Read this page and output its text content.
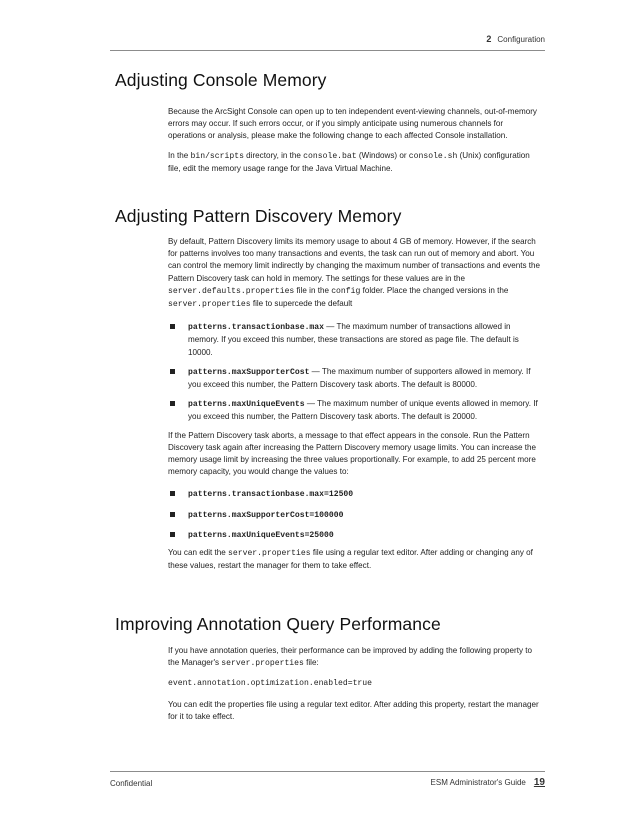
2 Configuration
Adjusting Console Memory

Because the ArcSight Console can open up to ten independent event-viewing channels, out-of-memory errors may occur. If such errors occur, or if you simply anticipate using numerous channels for operations or analysis, please make the following change to each affected Console installation.

In the bin/scripts directory, in the console.bat (Windows) or console.sh (Unix) configuration file, edit the memory usage range for the Java Virtual Machine.

Adjusting Pattern Discovery Memory

By default, Pattern Discovery limits its memory usage to about 4 GB of memory. However, if the search for patterns involves too many transactions and events, the task can run out of memory and abort. You can control the memory limit indirectly by changing the maximum number of transactions and events the Pattern Discovery task can hold in memory. The settings for these values are in the server.defaults.properties file in the config folder. Place the changed versions in the server.properties file to supercede the default

patterns.transactionbase.max — The maximum number of transactions allowed in memory. If you exceed this number, these transactions are stored as page file. The default is 10000.
patterns.maxSupporterCost — The maximum number of supporters allowed in memory. If you exceed this number, the Pattern Discovery task aborts. The default is 80000.
patterns.maxUniqueEvents — The maximum number of unique events allowed in memory. If you exceed this number, the Pattern Discovery task aborts. The default is 20000.

If the Pattern Discovery task aborts, a message to that effect appears in the console. Run the Pattern Discovery task again after increasing the Pattern Discovery memory usage limits. You can increase the memory usage limit by increasing the three values proportionally. For example, to add 25 percent more memory capacity, you would change the values to:

patterns.transactionbase.max=12500
patterns.maxSupporterCost=100000
patterns.maxUniqueEvents=25000

You can edit the server.properties file using a regular text editor. After adding or changing any of these values, restart the manager for them to take effect.

Improving Annotation Query Performance

If you have annotation queries, their performance can be improved by adding the following property to the Manager's server.properties file:

event.annotation.optimization.enabled=true

You can edit the properties file using a regular text editor. After adding this property, restart the manager for it to take effect.

Confidential	ESM Administrator's Guide 19
